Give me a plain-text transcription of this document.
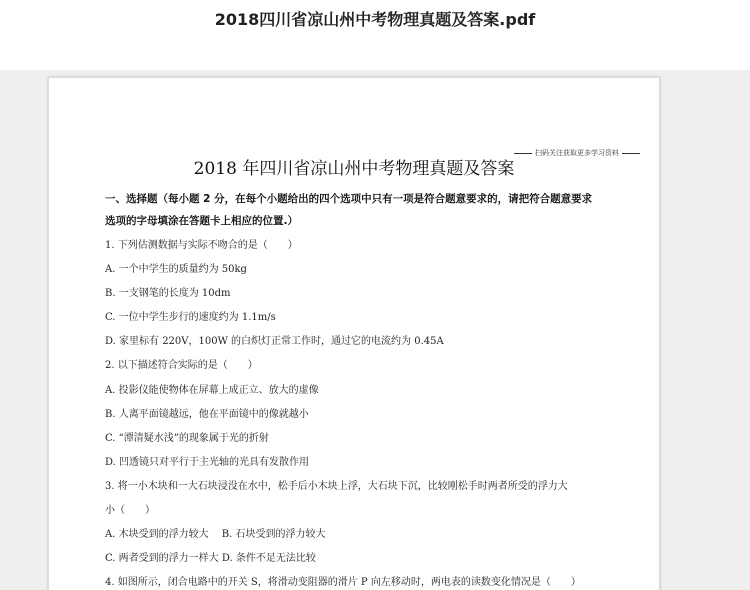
2018四川省凉山州中考物理真题及答案.pdf
扫码关注获取更多学习资料
2018 年四川省凉山州中考物理真题及答案
一、选择题（每小题 2 分，在每个小题给出的四个选项中只有一项是符合题意要求的，请把符合题意要求
选项的字母填涂在答题卡上相应的位置.）
1. 下列估测数据与实际不吻合的是（　　）
A. 一个中学生的质量约为 50kg
B. 一支钢笔的长度为 10dm
C. 一位中学生步行的速度约为 1.1m/s
D. 家里标有 220V，100W 的白炽灯正常工作时，通过它的电流约为 0.45A
2. 以下描述符合实际的是（　　）
A. 投影仪能使物体在屏幕上成正立、放大的虚像
B. 人离平面镜越远，他在平面镜中的像就越小
C. “潭清疑水浅”的现象属于光的折射
D. 凹透镜只对平行于主光轴的光具有发散作用
3. 将一小木块和一大石块浸没在水中，松手后小木块上浮，大石块下沉，比较刚松手时两者所受的浮力大
小（　　）
A. 木块受到的浮力较大　 B. 石块受到的浮力较大
C. 两者受到的浮力一样大 D. 条件不足无法比较
4. 如图所示，闭合电路中的开关 S，将滑动变阻器的滑片 P 向左移动时，两电表的读数变化情况是（　　）
